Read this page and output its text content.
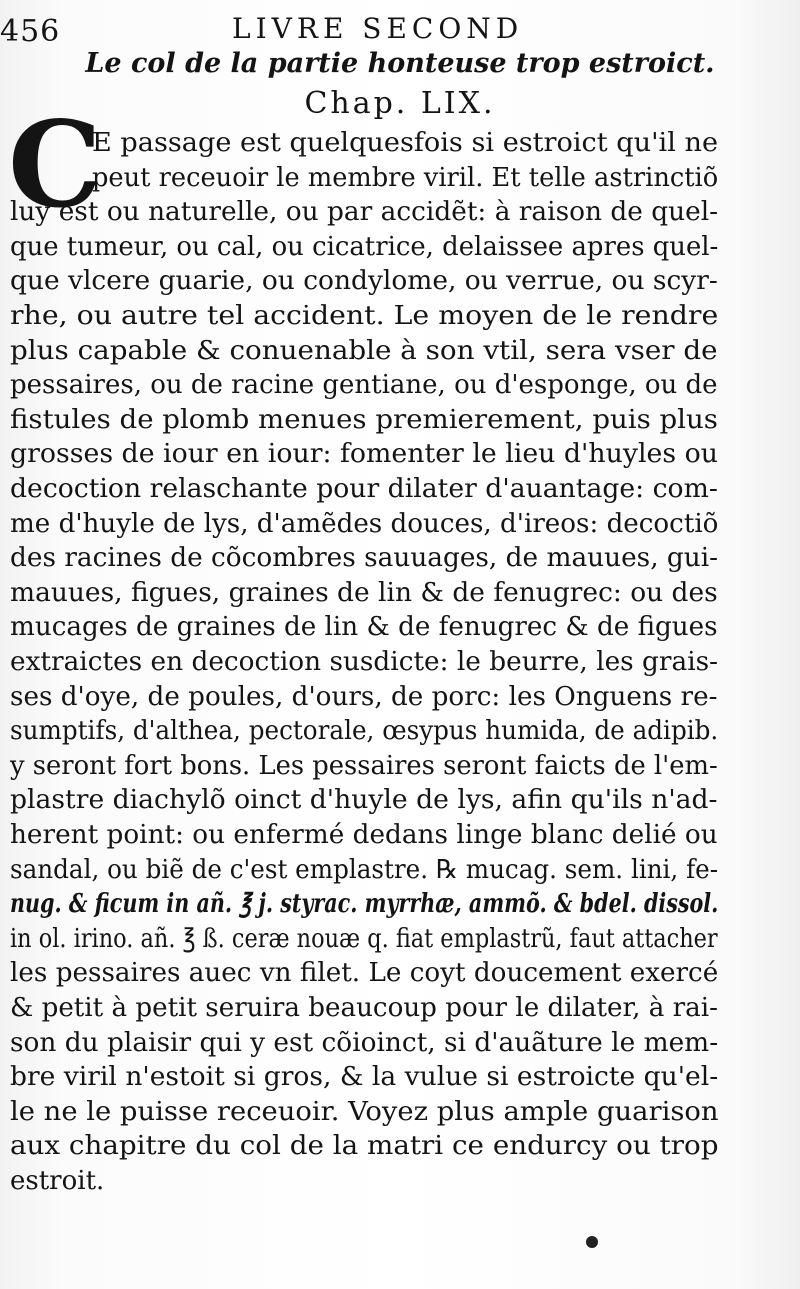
456	LIVRE SECOND
Le col de la partie honteuse trop estroict.
Chap. LIX.
C
E passage est quelquesfois si estroict qu'il ne
peut receuoir le membre viril. Et telle astrinctiõ
luy est ou naturelle, ou par accidẽt: à raison de quel-
que tumeur, ou cal, ou cicatrice, delaissee apres quel-
que vlcere guarie, ou condylome, ou verrue, ou scyr-
rhe, ou autre tel accident. Le moyen de le rendre
plus capable & conuenable à son vtil, sera vser de
pessaires, ou de racine gentiane, ou d'esponge, ou de
fistules de plomb menues premierement, puis plus
grosses de iour en iour: fomenter le lieu d'huyles ou
decoction relaschante pour dilater d'auantage: com-
me d'huyle de lys, d'amẽdes douces, d'ireos: decoctiõ
des racines de cõcombres sauuages, de mauues, gui-
mauues, figues, graines de lin & de fenugrec: ou des
mucages de graines de lin & de fenugrec & de figues
extraictes en decoction susdicte: le beurre, les grais-
ses d'oye, de poules, d'ours, de porc: les Onguens re-
sumptifs, d'althea, pectorale, œsypus humida, de adipib.
y seront fort bons. Les pessaires seront faicts de l'em-
plastre diachylõ oinct d'huyle de lys, afin qu'ils n'ad-
herent point: ou enfermé dedans linge blanc delié ou
sandal, ou biẽ de c'est emplastre. ℞ mucag. sem. lini, fe-
nug. & ficum in añ. ℥ j. styrac. myrrhæ, ammõ. & bdel. dissol.
in ol. irino. añ. ℥ ß. ceræ nouæ q. fiat emplastrũ, faut attacher
les pessaires auec vn filet. Le coyt doucement exercé
& petit à petit seruira beaucoup pour le dilater, à rai-
son du plaisir qui y est cõioinct, si d'auãture le mem-
bre viril n'estoit si gros, & la vulue si estroicte qu'el-
le ne le puisse receuoir. Voyez plus ample guarison
aux chapitre du col de la matri ce endurcy ou trop
estroit.
